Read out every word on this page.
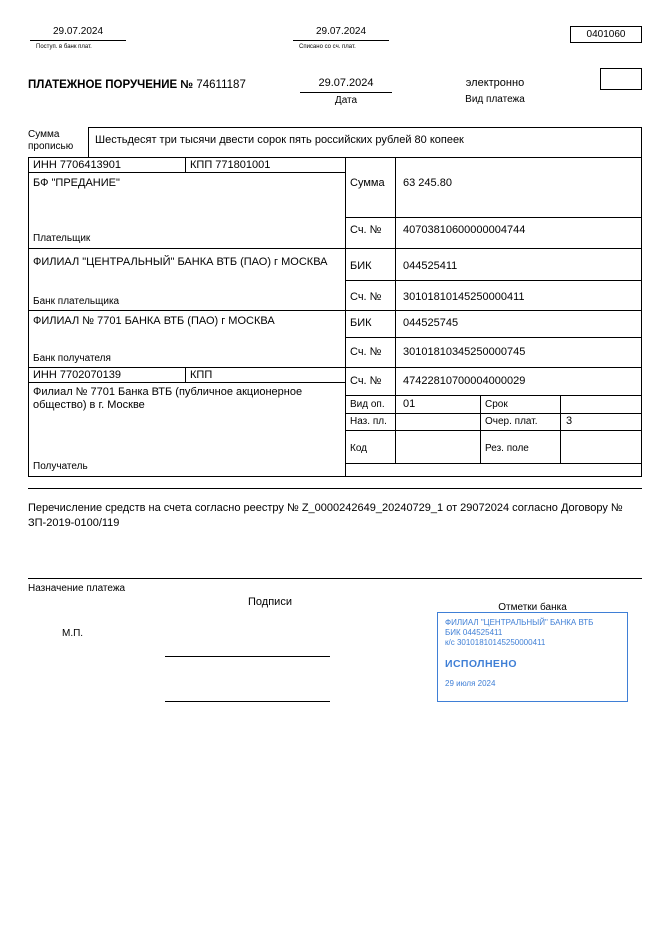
29.07.2024
Поступ. в банк плат.
29.07.2024
Списано со сч. плат.
0401060
ПЛАТЕЖНОЕ ПОРУЧЕНИЕ № 74611187	29.07.2024
Дата
электронно
Вид платежа
Сумма
прописью
Шестьдесят три тысячи двести сорок пять российских рублей 80 копеек
ИНН 7706413901	КПП 771801001
БФ "ПРЕДАНИЕ"
Плательщик
ФИЛИАЛ "ЦЕНТРАЛЬНЫЙ" БАНКА ВТБ (ПАО) г МОСКВА
Банк плательщика
ФИЛИАЛ № 7701 БАНКА ВТБ (ПАО) г МОСКВА
Банк получателя
ИНН 7702070139	КПП
Филиал № 7701 Банка ВТБ (публичное акционерное общество) в г. Москве
Получатель
Сумма 63 245.80
Сч. № 40703810600000004744
БИК	044525411
Сч. № 30101810145250000411
БИК	044525745
Сч. № 30101810345250000745
Сч. № 47422810700004000029
Вид оп. 01	Срок
Наз. пл.	Очер. плат.	3
Код	Рез. поле
Перечисление средств на счета согласно реестру № Z_0000242649_20240729_1 от 29072024 согласно Договору № ЗП-2019-0100/119
Назначение платежа
Подписи	Отметки банка
М.П.
ФИЛИАЛ "ЦЕНТРАЛЬНЫЙ" БАНКА ВТБ
БИК 044525411
к/с 30101810145250000411
ИСПОЛНЕНО
29 июля 2024
